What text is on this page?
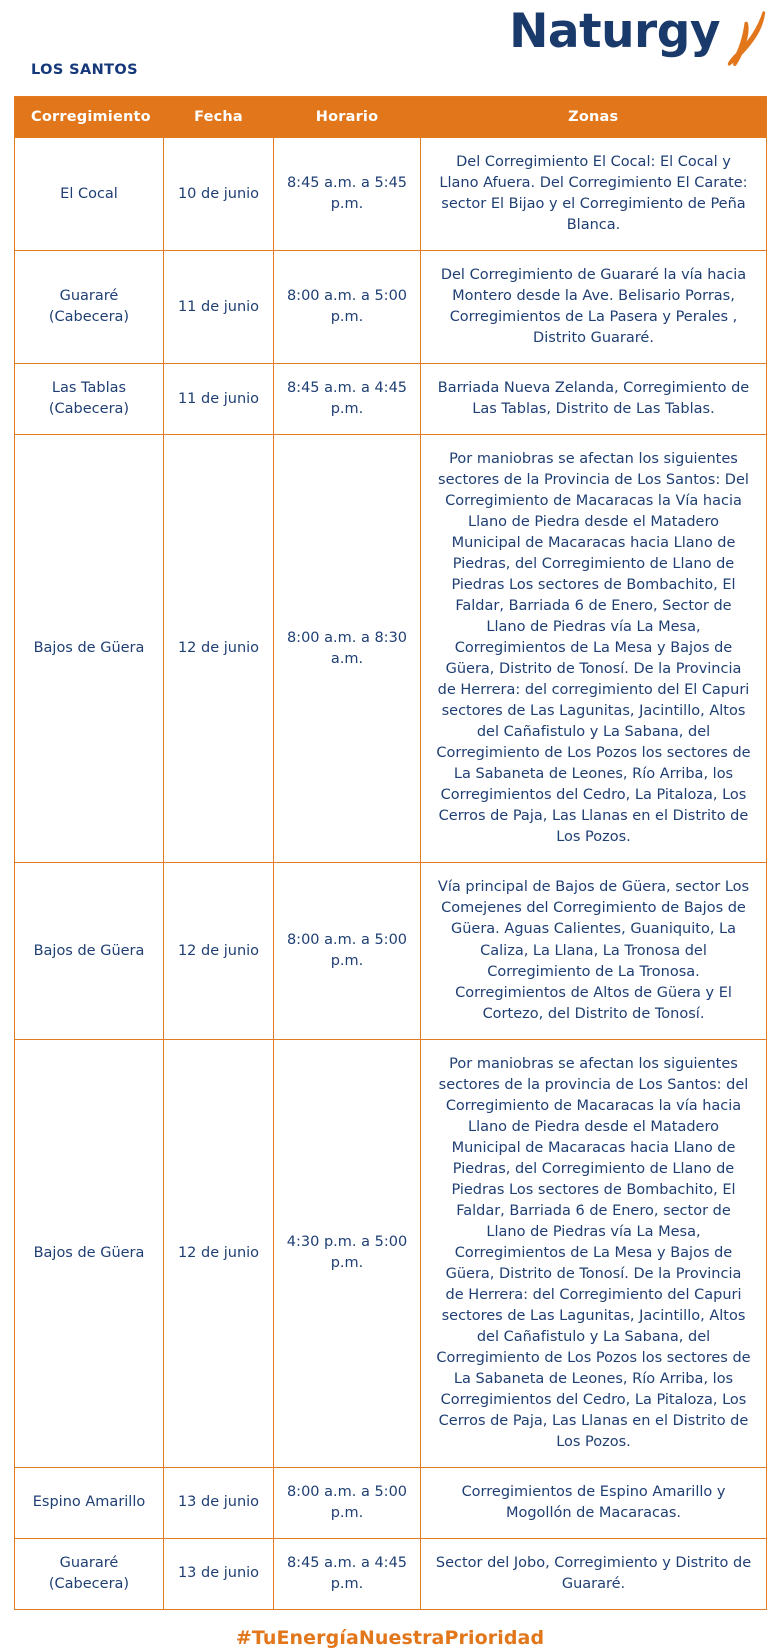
Naturgy
LOS SANTOS
Corregimiento	Fecha	Horario	Zonas
El Cocal	10 de junio	8:45 a.m. a 5:45 p.m.	Del Corregimiento El Cocal: El Cocal y Llano Afuera. Del Corregimiento El Carate: sector El Bijao y el Corregimiento de Peña Blanca.
Guararé (Cabecera)	11 de junio	8:00 a.m. a 5:00 p.m.	Del Corregimiento de Guararé la vía hacia Montero desde la Ave. Belisario Porras, Corregimientos de La Pasera y Perales , Distrito Guararé.
Las Tablas (Cabecera)	11 de junio	8:45 a.m. a 4:45 p.m.	Barriada Nueva Zelanda, Corregimiento de Las Tablas, Distrito de Las Tablas.
Bajos de Güera	12 de junio	8:00 a.m. a 8:30 a.m.	Por maniobras se afectan los siguientes sectores de la Provincia de Los Santos: Del Corregimiento de Macaracas la Vía hacia Llano de Piedra desde el Matadero Municipal de Macaracas hacia Llano de Piedras, del Corregimiento de Llano de Piedras Los sectores de Bombachito, El Faldar, Barriada 6 de Enero, Sector de Llano de Piedras vía La Mesa, Corregimientos de La Mesa y Bajos de Güera, Distrito de Tonosí. De la Provincia de Herrera: del corregimiento del El Capuri sectores de Las Lagunitas, Jacintillo, Altos del Cañafistulo y La Sabana, del Corregimiento de Los Pozos los sectores de La Sabaneta de Leones, Río Arriba, los Corregimientos del Cedro, La Pitaloza, Los Cerros de Paja, Las Llanas en el Distrito de Los Pozos.
Bajos de Güera	12 de junio	8:00 a.m. a 5:00 p.m.	Vía principal de Bajos de Güera, sector Los Comejenes del Corregimiento de Bajos de Güera. Aguas Calientes, Guaniquito, La Caliza, La Llana, La Tronosa del Corregimiento de La Tronosa. Corregimientos de Altos de Güera y El Cortezo, del Distrito de Tonosí.
Bajos de Güera	12 de junio	4:30 p.m. a 5:00 p.m.	Por maniobras se afectan los siguientes sectores de la provincia de Los Santos: del Corregimiento de Macaracas la vía hacia Llano de Piedra desde el Matadero Municipal de Macaracas hacia Llano de Piedras, del Corregimiento de Llano de Piedras Los sectores de Bombachito, El Faldar, Barriada 6 de Enero, sector de Llano de Piedras vía La Mesa, Corregimientos de La Mesa y Bajos de Güera, Distrito de Tonosí. De la Provincia de Herrera: del Corregimiento del Capuri sectores de Las Lagunitas, Jacintillo, Altos del Cañafistulo y La Sabana, del Corregimiento de Los Pozos los sectores de La Sabaneta de Leones, Río Arriba, los Corregimientos del Cedro, La Pitaloza, Los Cerros de Paja, Las Llanas en el Distrito de Los Pozos.
Espino Amarillo	13 de junio	8:00 a.m. a 5:00 p.m.	Corregimientos de Espino Amarillo y Mogollón de Macaracas.
Guararé (Cabecera)	13 de junio	8:45 a.m. a 4:45 p.m.	Sector del Jobo, Corregimiento y Distrito de Guararé.
#TuEnergíaNuestraPrioridad
